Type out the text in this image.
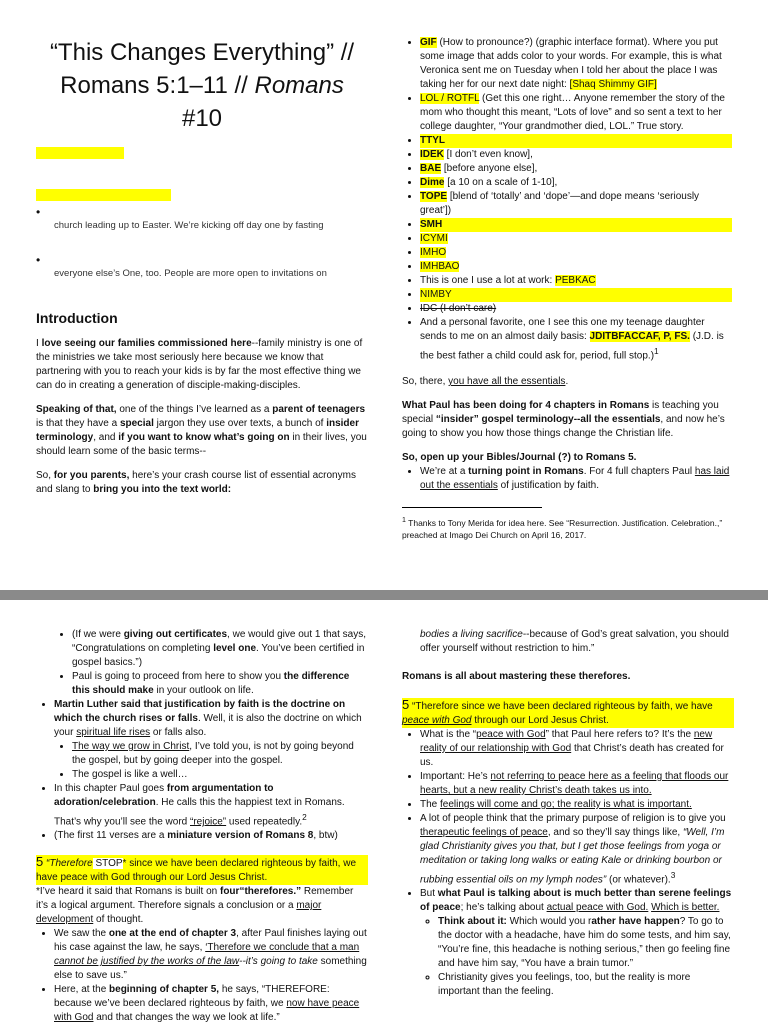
“This Changes Everything” //
Romans 5:1–11 // Romans
#10
•
church leading up to Easter. We’re kicking off day one by fasting
•
everyone else’s One, too. People are more open to invitations on
Introduction

I love seeing our families commissioned here--family ministry is one of the ministries we take most seriously here because we know that partnering with you to reach your kids is by far the most effective thing we can do in creating a generation of disciple-making-disciples.

Speaking of that, one of the things I’ve learned as a parent of teenagers is that they have a special jargon they use over texts, a bunch of insider terminology, and if you want to know what’s going on in their lives, you should learn some of the basic terms--

So, for you parents, here’s your crash course list of essential acronyms and slang to bring you into the text world:

• GIF (How to pronounce?) (graphic interface format). Where you put some image that adds color to your words. For example, this is what Veronica sent me on Tuesday when I told her about the place I was taking her for our next date night: [Shaq Shimmy GIF]
• LOL / ROTFL (Get this one right… Anyone remember the story of the mom who thought this meant, “Lots of love” and so sent a text to her college daughter, “Your grandmother died, LOL.” True story.
• TTYL
• IDEK [I don’t even know],
• BAE [before anyone else],
• Dime [a 10 on a scale of 1-10],
• TOPE [blend of ‘totally’ and ‘dope’—and dope means ‘seriously great’])
• SMH
• ICYMI
• IMHO
• IMHBAO
• This is one I use a lot at work: PEBKAC
• NIMBY
• IDC (I don’t care)
• And a personal favorite, one I see this one my teenage daughter sends to me on an almost daily basis: JDITBFACCAF, P, FS. (J.D. is the best father a child could ask for, period, full stop.)$^1$

So, there, you have all the essentials.

What Paul has been doing for 4 chapters in Romans is teaching you special “insider” gospel terminology--all the essentials, and now he’s going to show you how those things change the Christian life.

So, open up your Bibles/Journal (?) to Romans 5.
• We’re at a turning point in Romans. For 4 full chapters Paul has laid out the essentials of justification by faith.
$^1$ Thanks to Tony Merida for idea here. See “Resurrection. Justification. Celebration.,” preached at Imago Dei Church on April 16, 2017.
• (If we were giving out certificates, we would give out 1 that says, “Congratulations on completing level one. You’ve been certified in gospel basics.”)
• Paul is going to proceed from here to show you the difference this should make in your outlook on life.
• Martin Luther said that justification by faith is the doctrine on which the church rises or falls. Well, it is also the doctrine on which your spiritual life rises or falls also.
• The way we grow in Christ, I’ve told you, is not by going beyond the gospel, but by going deeper into the gospel.
• The gospel is like a well…
• In this chapter Paul goes from argumentation to adoration/celebration. He calls this the happiest text in Romans. That’s why you’ll see the word “rejoice” used repeatedly.$^2$
• (The first 11 verses are a miniature version of Romans 8, btw)
5 “Therefore STOP* since we have been declared righteous by faith, we have peace with God through our Lord Jesus Christ.
*I’ve heard it said that Romans is built on four“therefores.” Remember it’s a logical argument. Therefore signals a conclusion or a major development of thought.
• We saw the one at the end of chapter 3, after Paul finishes laying out his case against the law, he says, ‘Therefore we conclude that a man cannot be justified by the works of the law--it’s going to take something else to save us.”
• Here, at the beginning of chapter 5, he says, “THEREFORE: because we’ve been declared righteous by faith, we now have peace with God and that changes the way we look at life.”
bodies a living sacrifice--because of God’s great salvation, you should offer yourself without restriction to him.”

Romans is all about mastering these therefores.

5 “Therefore since we have been declared righteous by faith, we have peace with God through our Lord Jesus Christ.
• What is the “peace with God” that Paul here refers to? It’s the new reality of our relationship with God that Christ’s death has created for us.
• Important: He’s not referring to peace here as a feeling that floods our hearts, but a new reality Christ’s death takes us into.
• The feelings will come and go; the reality is what is important.
• A lot of people think that the primary purpose of religion is to give you therapeutic feelings of peace, and so they’ll say things like, “Well, I’m glad Christianity gives you that, but I get those feelings from yoga or meditation or taking long walks or eating Kale or drinking bourbon or rubbing essential oils on my lymph nodes” (or whatever).$^3$
• But what Paul is talking about is much better than serene feelings of peace; he’s talking about actual peace with God. Which is better.
◦ Think about it: Which would you rather have happen? To go to the doctor with a headache, have him do some tests, and him say, “You’re fine, this headache is nothing serious,” then go feeling fine and have him say, “You have a brain tumor.”
◦ Christianity gives you feelings, too, but the reality is more important than the feeling.
